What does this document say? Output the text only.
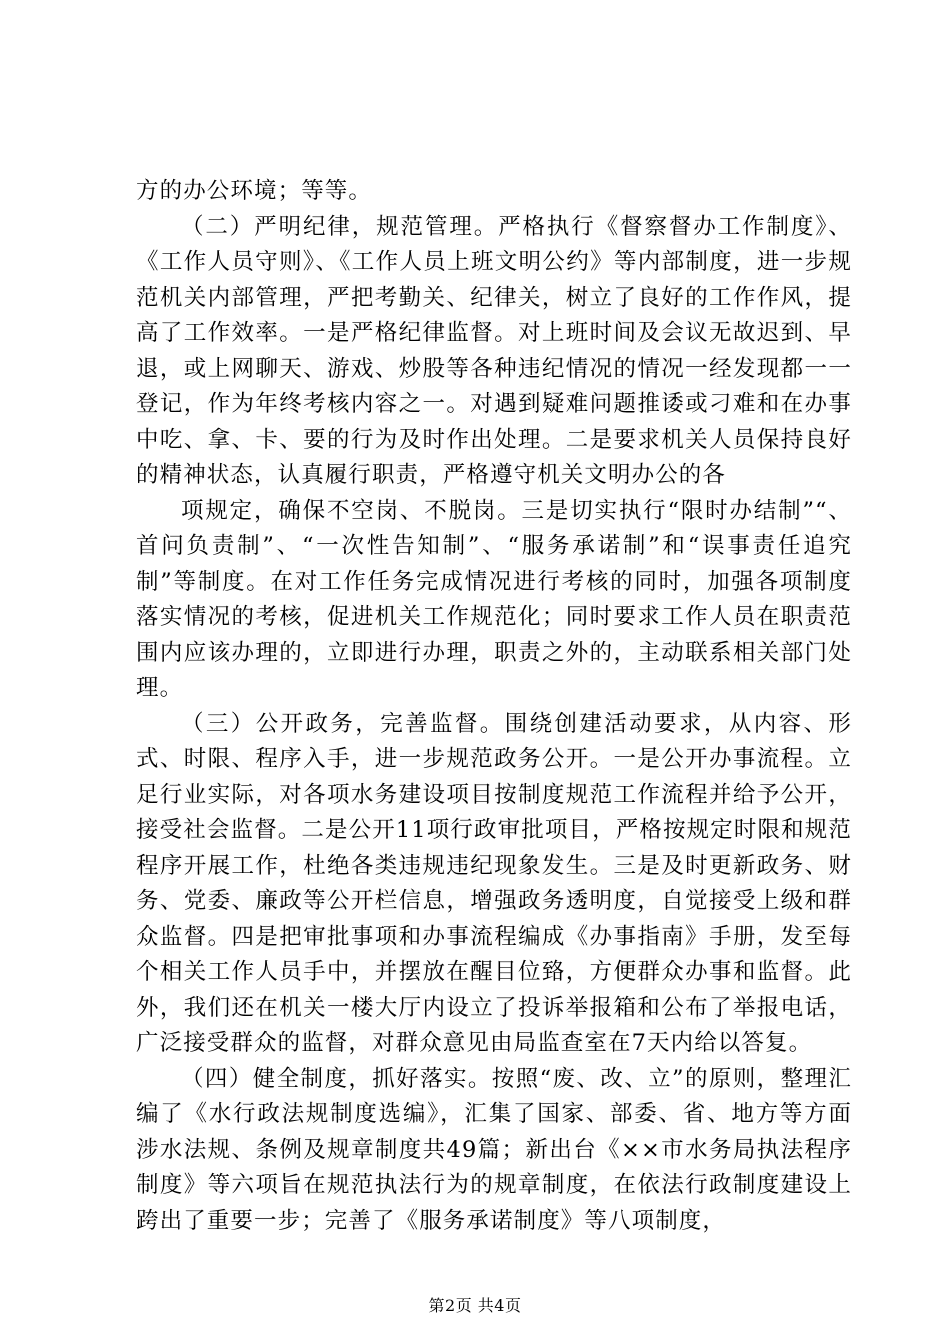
方的办公环境；等等。

（二）严明纪律，规范管理。严格执行《督察督办工作制度》、《工作人员守则》、《工作人员上班文明公约》等内部制度，进一步规范机关内部管理，严把考勤关、纪律关，树立了良好的工作作风，提高了工作效率。一是严格纪律监督。对上班时间及会议无故迟到、早退，或上网聊天、游戏、炒股等各种违纪情况的情况一经发现都一一登记，作为年终考核内容之一。对遇到疑难问题推诿或刁难和在办事中吃、拿、卡、要的行为及时作出处理。二是要求机关人员保持良好的精神状态，认真履行职责，严格遵守机关文明办公的各

项规定，确保不空岗、不脱岗。三是切实执行“限时办结制”“、首问负责制”、“一次性告知制”、“服务承诺制”和“误事责任追究制”等制度。在对工作任务完成情况进行考核的同时，加强各项制度落实情况的考核，促进机关工作规范化；同时要求工作人员在职责范围内应该办理的，立即进行办理，职责之外的，主动联系相关部门处理。

（三）公开政务，完善监督。围绕创建活动要求，从内容、形式、时限、程序入手，进一步规范政务公开。一是公开办事流程。立足行业实际，对各项水务建设项目按制度规范工作流程并给予公开，接受社会监督。二是公开11项行政审批项目，严格按规定时限和规范程序开展工作，杜绝各类违规违纪现象发生。三是及时更新政务、财务、党委、廉政等公开栏信息，增强政务透明度，自觉接受上级和群众监督。四是把审批事项和办事流程编成《办事指南》手册，发至每个相关工作人员手中，并摆放在醒目位臵，方便群众办事和监督。此外，我们还在机关一楼大厅内设立了投诉举报箱和公布了举报电话，广泛接受群众的监督，对群众意见由局监查室在7天内给以答复。

（四）健全制度，抓好落实。按照“废、改、立”的原则，整理汇编了《水行政法规制度选编》，汇集了国家、部委、省、地方等方面涉水法规、条例及规章制度共49篇；新出台《××市水务局执法程序制度》等六项旨在规范执法行为的规章制度，在依法行政制度建设上跨出了重要一步；完善了《服务承诺制度》等八项制度，

第2页 共4页
